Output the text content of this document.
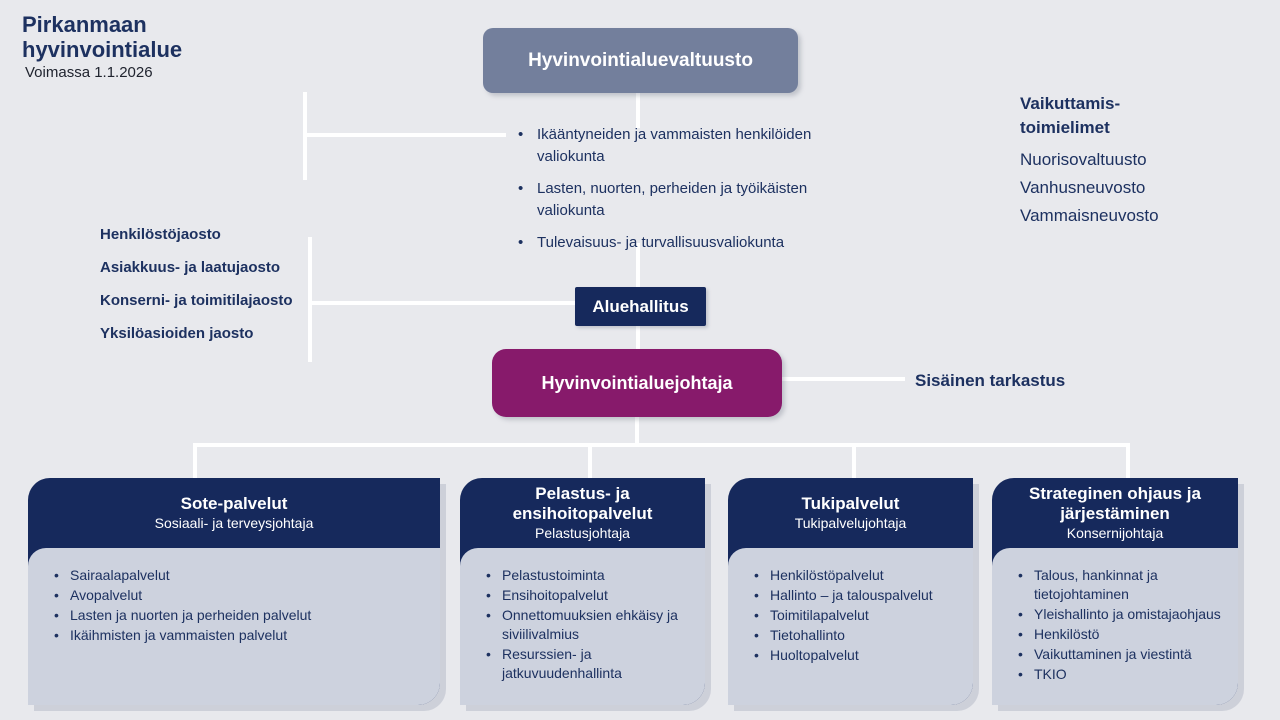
Pirkanmaan
hyvinvointialue
Voimassa 1.1.2026
Hyvinvointialuevaltuusto
• Ikääntyneiden ja vammaisten henkilöiden valiokunta
• Lasten, nuorten, perheiden ja työikäisten valiokunta
• Tulevaisuus- ja turvallisuusvaliokunta
Vaikuttamis-toimielimet
Nuorisovaltuusto
Vanhusneuvosto
Vammaisneuvosto
Henkilöstöjaosto
Asiakkuus- ja laatujaosto
Konserni- ja toimitilajaosto
Yksilöasioiden jaosto
Aluehallitus
Hyvinvointialuejohtaja	Sisäinen tarkastus
Sote-palvelut
Sosiaali- ja terveysjohtaja
• Sairaalapalvelut
• Avopalvelut
• Lasten ja nuorten ja perheiden palvelut
• Ikäihmisten ja vammaisten palvelut
Pelastus- ja ensihoitopalvelut
Pelastusjohtaja
• Pelastustoiminta
• Ensihoitopalvelut
• Onnettomuuksien ehkäisy ja siviilivalmius
• Resurssien- ja jatkuvuudenhallinta
Tukipalvelut
Tukipalvelujohtaja
• Henkilöstöpalvelut
• Hallinto – ja talouspalvelut
• Toimitilapalvelut
• Tietohallinto
• Huoltopalvelut
Strateginen ohjaus ja järjestäminen
Konsernijohtaja
• Talous, hankinnat ja tietojohtaminen
• Yleishallinto ja omistajaohjaus
• Henkilöstö
• Vaikuttaminen ja viestintä
• TKIO
